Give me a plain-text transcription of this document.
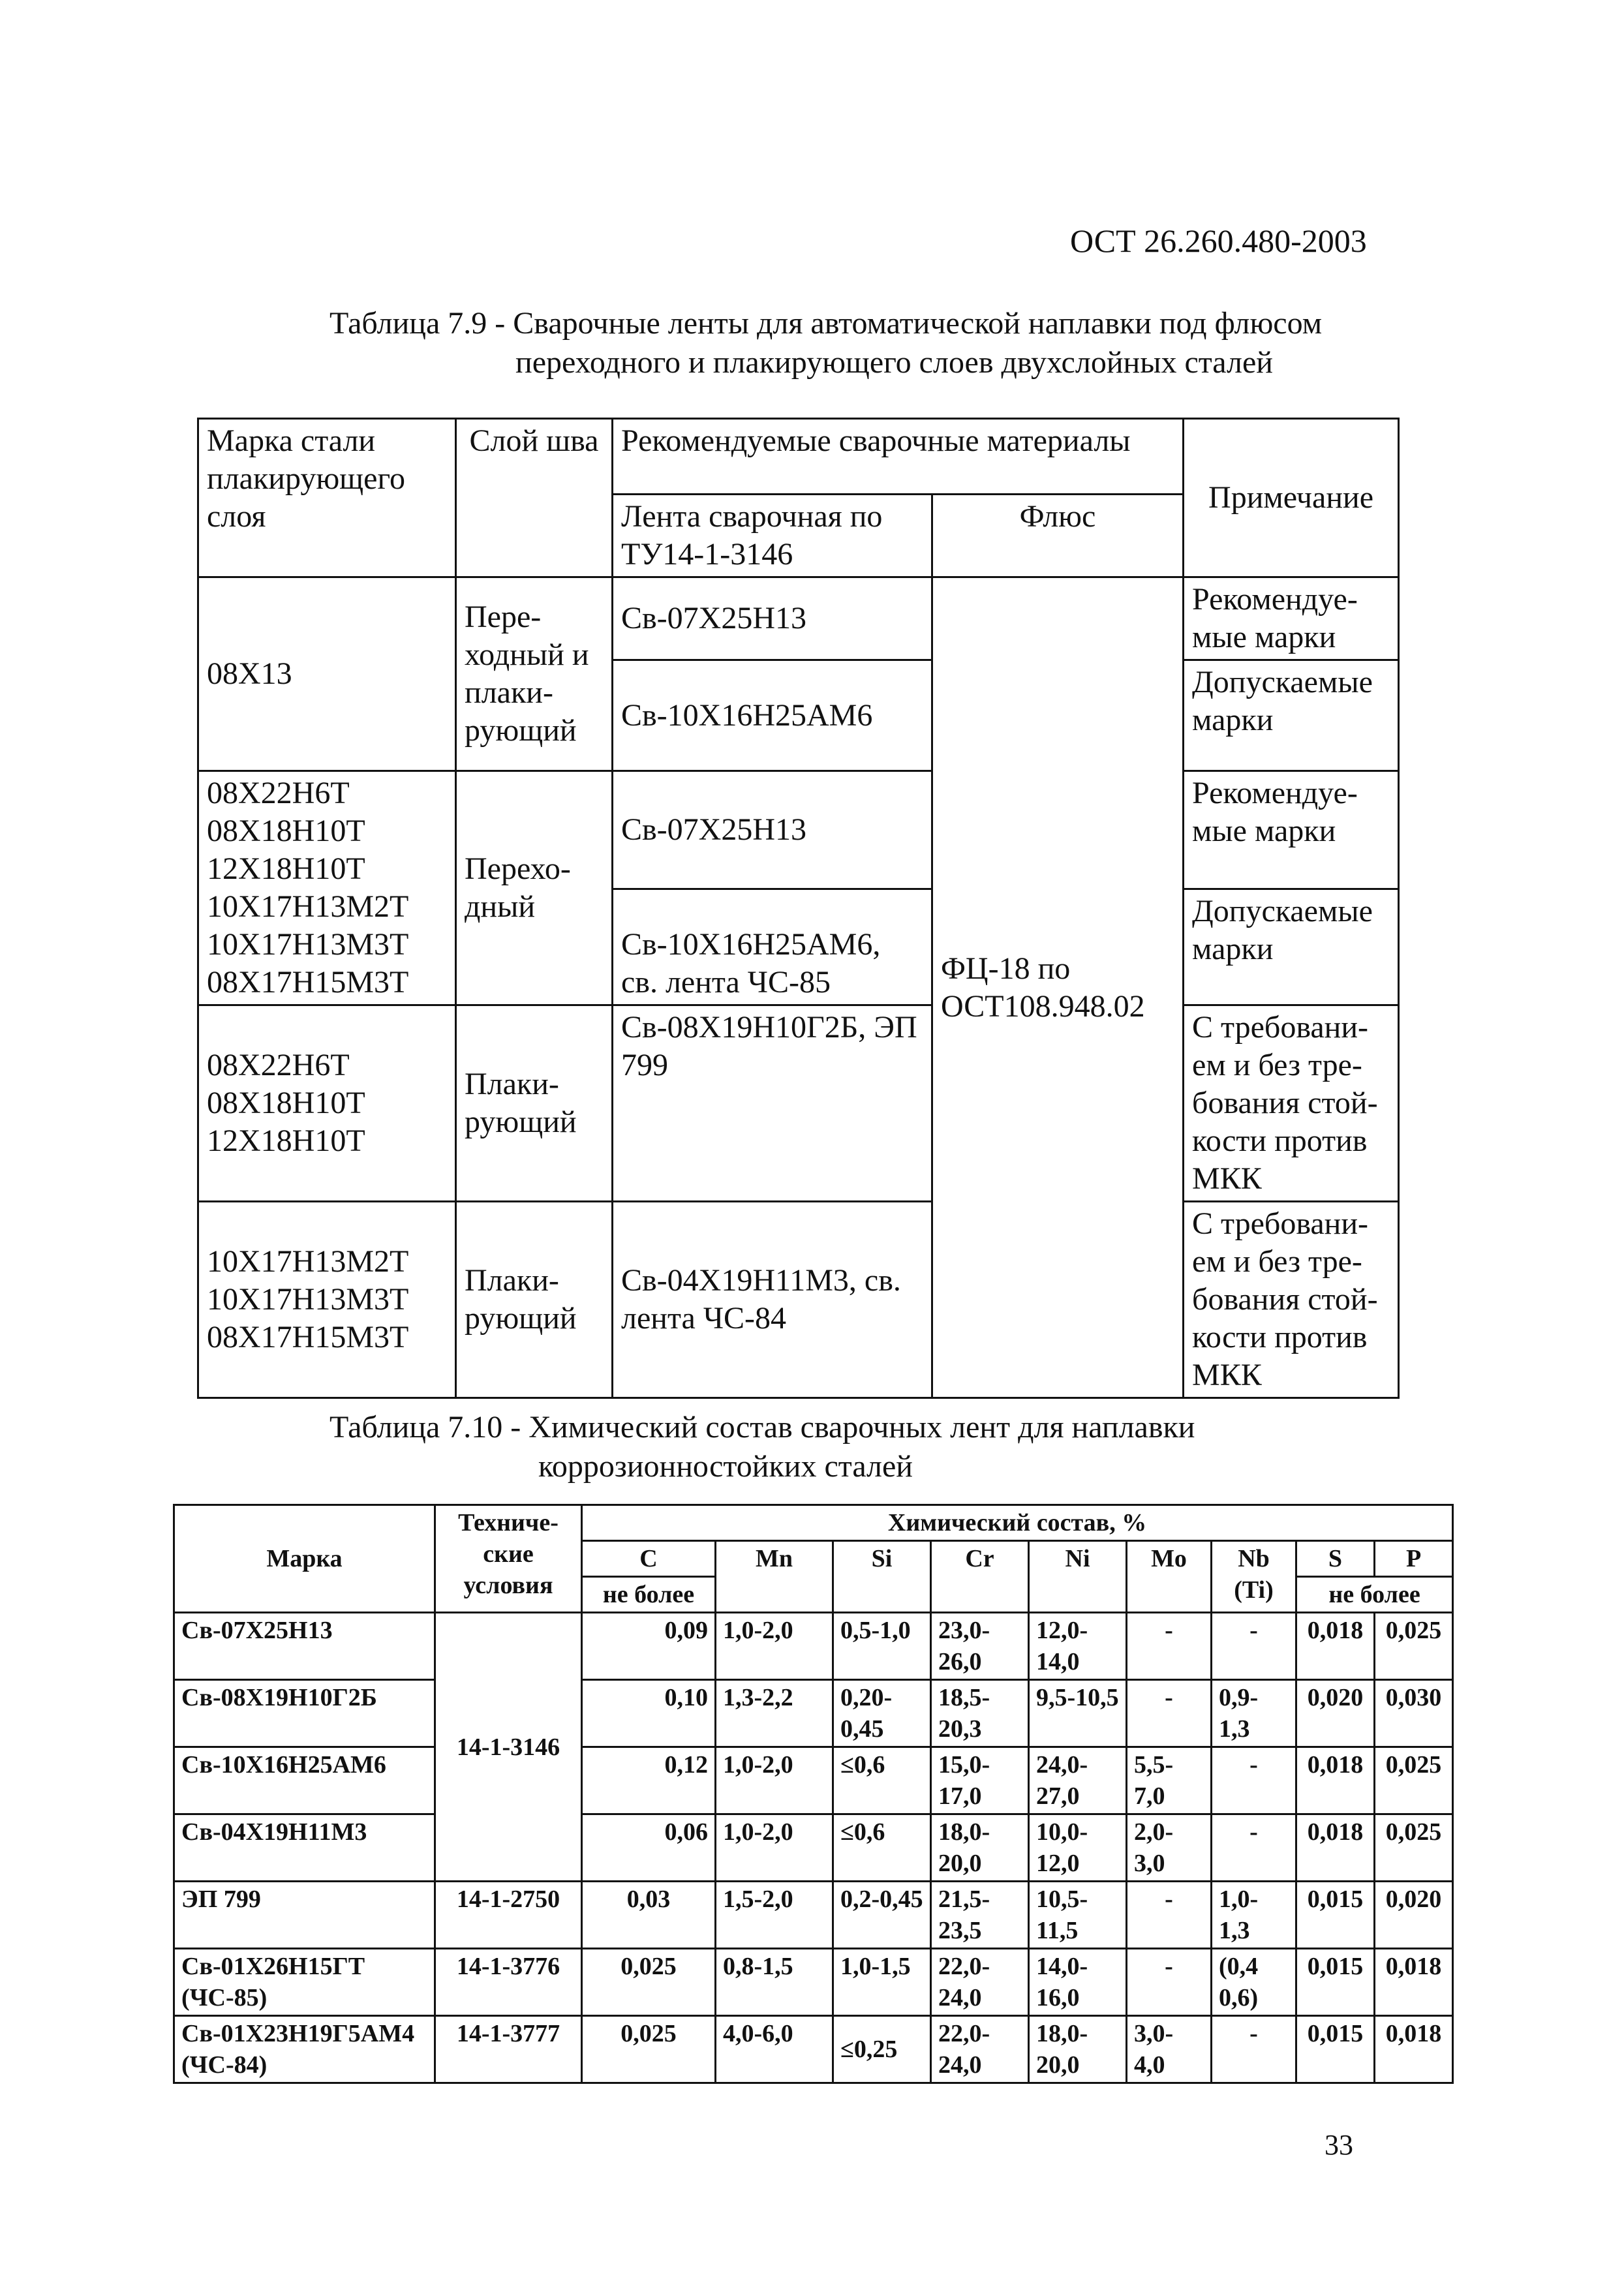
ОСТ 26.260.480-2003
Таблица 7.9 - Сварочные ленты для автоматической наплавки под флюсом
переходного и плакирующего слоев двухслойных сталей
Марка стали плакирующего слоя	Слой шва	Рекомендуемые сварочные материалы		Примечание
		Лента сварочная по ТУ14-1-3146	Флюс	
08Х13	Пере-ходный и плаки-рующий	Св-07Х25Н13	ФЦ-18 по ОСТ108.948.02	Рекомендуе-мые марки
		Св-10Х16Н25АМ6		Допускаемые марки
08Х22Н6Т 08Х18Н10Т 12Х18Н10Т 10Х17Н13М2Т 10Х17Н13М3Т 08Х17Н15М3Т	Перехо-дный	Св-07Х25Н13		Рекомендуе-мые марки
		Св-10Х16Н25АМ6, св. лента ЧС-85		Допускаемые марки
08Х22Н6Т 08Х18Н10Т 12Х18Н10Т	Плаки-рующий	Св-08Х19Н10Г2Б, ЭП 799		С требовани-ем и без тре-бования стой-кости против МКК
10Х17Н13М2Т 10Х17Н13М3Т 08Х17Н15М3Т	Плаки-рующий	Св-04Х19Н11М3, св. лента ЧС-84		С требовани-ем и без тре-бования стой-кости против МКК
Таблица 7.10 - Химический состав сварочных лент для наплавки
коррозионностойких сталей
Марка	Техниче-ские условия	Химический состав, %								
		C	Mn	Si	Cr	Ni	Mo	Nb (Ti)	S	P
		не более							не более	
Св-07Х25Н13	14-1-3146	0,09	1,0-2,0	0,5-1,0	23,0-26,0	12,0-14,0	-	-	0,018	0,025
Св-08Х19Н10Г2Б		0,10	1,3-2,2	0,20-0,45	18,5-20,3	9,5-10,5	-	0,9-1,3	0,020	0,030
Св-10Х16Н25АМ6		0,12	1,0-2,0	≤0,6	15,0-17,0	24,0-27,0	5,5-7,0	-	0,018	0,025
Св-04Х19Н11М3		0,06	1,0-2,0	≤0,6	18,0-20,0	10,0-12,0	2,0-3,0	-	0,018	0,025
ЭП 799	14-1-2750	0,03	1,5-2,0	0,2-0,45	21,5-23,5	10,5-11,5	-	1,0-1,3	0,015	0,020
Св-01Х26Н15ГТ (ЧС-85)	14-1-3776	0,025	0,8-1,5	1,0-1,5	22,0-24,0	14,0-16,0	-	(0,4 0,6)	0,015	0,018
Св-01Х23Н19Г5АМ4 (ЧС-84)	14-1-3777	0,025	4,0-6,0	≤0,25	22,0-24,0	18,0-20,0	3,0-4,0	-	0,015	0,018
33
